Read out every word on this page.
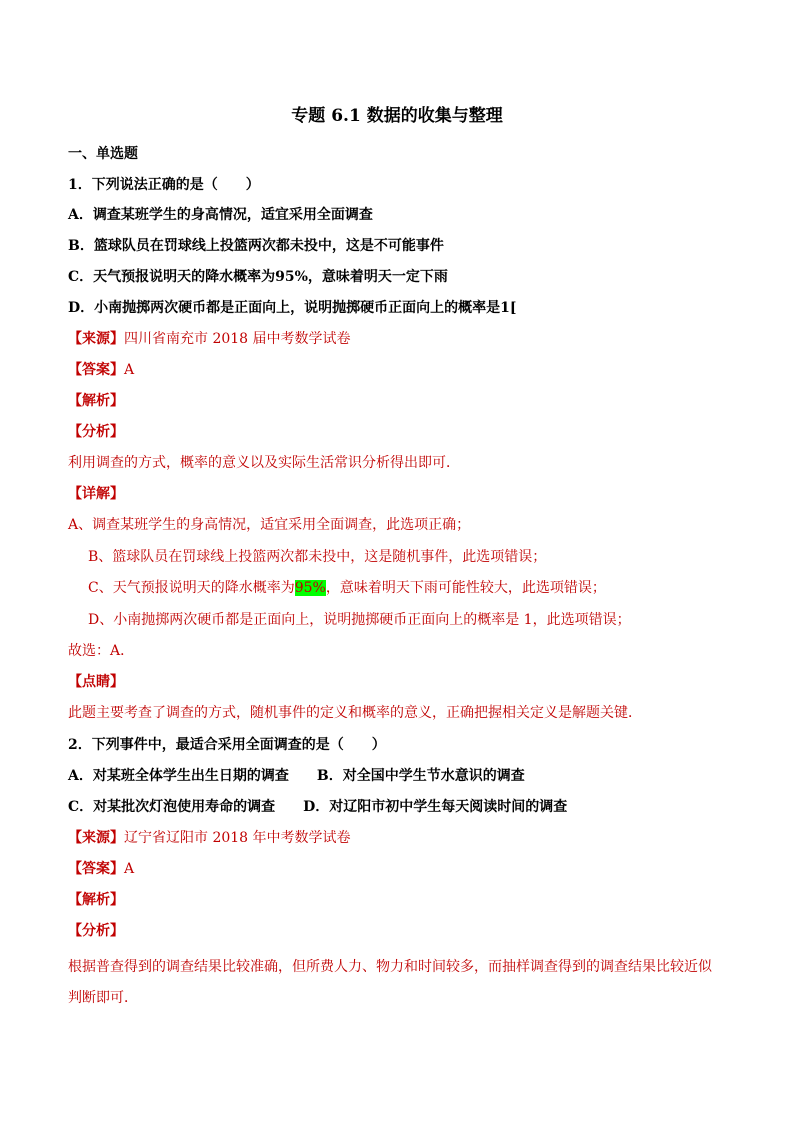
专题 6.1 数据的收集与整理
一、单选题
1．下列说法正确的是（　　）
A．调查某班学生的身高情况，适宜采用全面调查
B．篮球队员在罚球线上投篮两次都未投中，这是不可能事件
C．天气预报说明天的降水概率为95%，意味着明天一定下雨
D．小南抛掷两次硬币都是正面向上，说明抛掷硬币正面向上的概率是1[
【来源】四川省南充市 2018 届中考数学试卷
【答案】A
【解析】
【分析】
利用调查的方式，概率的意义以及实际生活常识分析得出即可．
【详解】
A、调查某班学生的身高情况，适宜采用全面调查，此选项正确；
B、篮球队员在罚球线上投篮两次都未投中，这是随机事件，此选项错误；
C、天气预报说明天的降水概率为95%，意味着明天下雨可能性较大，此选项错误；
D、小南抛掷两次硬币都是正面向上，说明抛掷硬币正面向上的概率是 1，此选项错误；
故选：A．
【点睛】
此题主要考查了调查的方式，随机事件的定义和概率的意义，正确把握相关定义是解题关键．
2．下列事件中，最适合采用全面调查的是（　　）
A．对某班全体学生出生日期的调查　　B．对全国中学生节水意识的调查
C．对某批次灯泡使用寿命的调查　　D．对辽阳市初中学生每天阅读时间的调查
【来源】辽宁省辽阳市 2018 年中考数学试卷
【答案】A
【解析】
【分析】
根据普查得到的调查结果比较准确，但所费人力、物力和时间较多，而抽样调查得到的调查结果比较近似判断即可．
